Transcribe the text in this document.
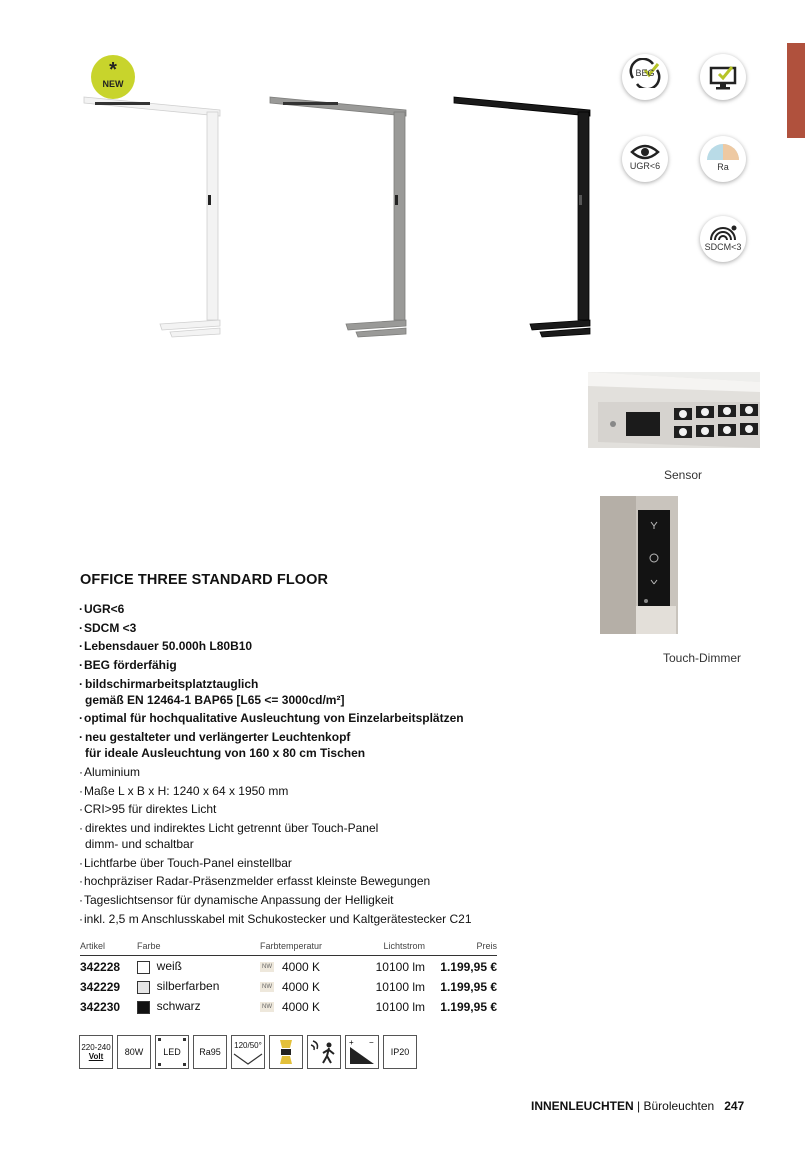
*
NEW
BEG
UGR<6	Ra
SDCM<3
Sensor
Touch-Dimmer
OFFICE THREE STANDARD FLOOR
· UGR<6
· SDCM <3
· Lebensdauer 50.000h L80B10
· BEG förderfähig
· bildschirmarbeitsplatztauglich
gemäß EN 12464-1 BAP65 [L65 <= 3000cd/m²]
· optimal für hochqualitative Ausleuchtung von Einzelarbeitsplätzen
· neu gestalteter und verlängerter Leuchtenkopf
für ideale Ausleuchtung von 160 x 80 cm Tischen
· Aluminium
· Maße L x B x H: 1240 x 64 x 1950 mm
· CRI>95 für direktes Licht
· direktes und indirektes Licht getrennt über Touch-Panel
dimm- und schaltbar
· Lichtfarbe über Touch-Panel einstellbar
· hochpräziser Radar-Präsenzmelder erfasst kleinste Bewegungen
· Tageslichtsensor für dynamische Anpassung der Helligkeit
· inkl. 2,5 m Anschlusskabel mit Schukostecker und Kaltgerätestecker C21
Artikel	Farbe	Farbtemperatur	Lichtstrom	Preis
342228	weiß	NW 4000 K	10100 lm	1.199,95 €
342229	silberfarben	NW 4000 K	10100 lm	1.199,95 €
342230	schwarz	NW 4000 K	10100 lm	1.199,95 €
220-240
Volt	80W	LED	Ra95
120/50°	+ −
IP20
INNENLEUCHTEN | Büroleuchten 247
